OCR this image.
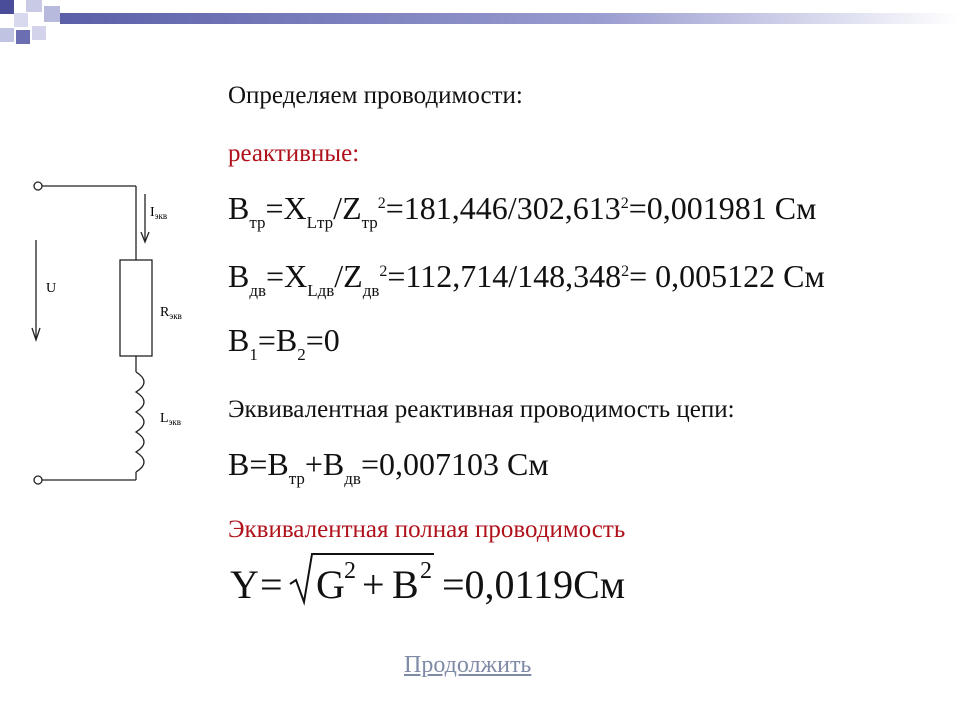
$I_{экв}$
U
$R_{экв}$
$L_{экв}$
Определяем проводимости:
реактивные:
$B_{тр}=X_{Lтр}/Z_{тр}^2=181,446/302,613^2=0,001981$ См
$B_{дв}=X_{Lдв}/Z_{дв}^2=112,714/148,348^2= 0,005122$ См
$B_1=B_2=0$
Эквивалентная реактивная проводимость цепи:
$B=B_{тр}+B_{дв}=0,007103$ См
Эквивалентная полная проводимость
Y = G 2 + B 2 =0,0119См
Продолжить
